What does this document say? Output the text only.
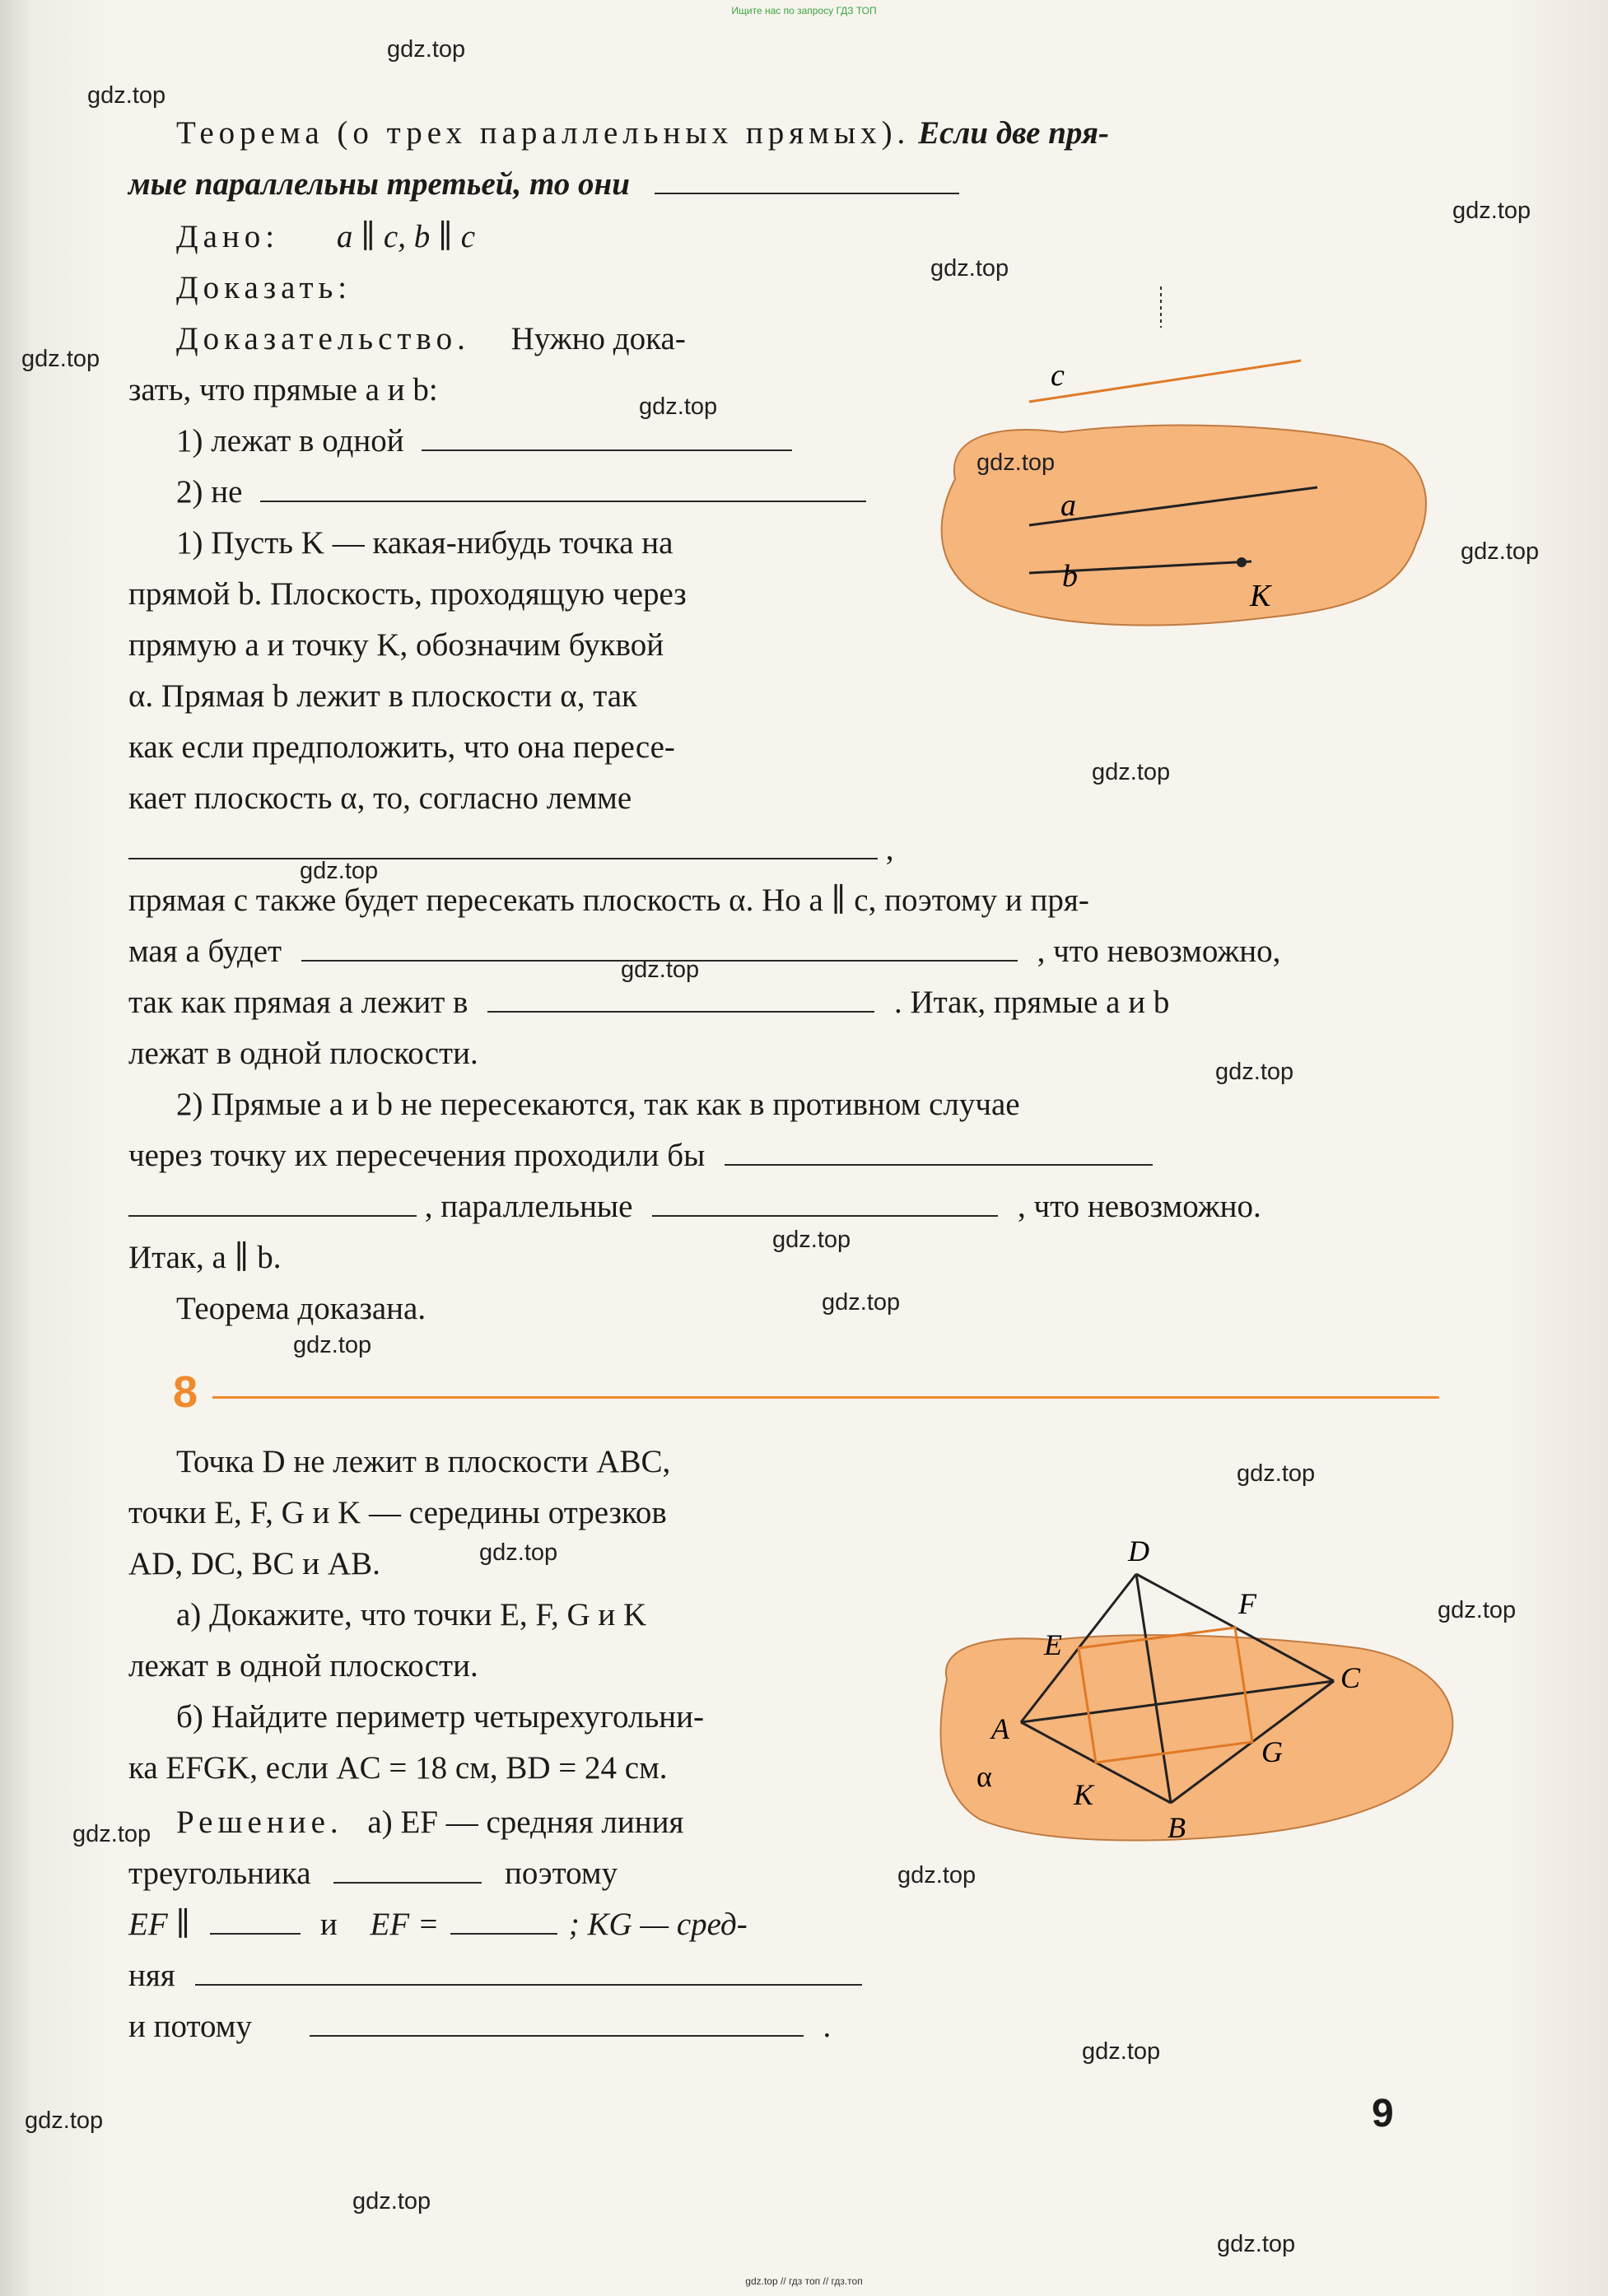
Ищите нас по запросу ГДЗ ТОП
Теорема (о трех параллельных прямых). Если две пря-
мые параллельны третьей, то они
Дано: a ∥ c, b ∥ c
Доказать:
Доказательство. Нужно дока-
зать, что прямые a и b:
1) лежат в одной
2) не
1) Пусть K — какая-нибудь точка на
прямой b. Плоскость, проходящую через
прямую a и точку K, обозначим буквой
α. Прямая b лежит в плоскости α, так
как если предположить, что она пересе-
кает плоскость α, то, согласно лемме
,
прямая c также будет пересекать плоскость α. Но a ∥ c, поэтому и пря-
мая a будет	, что невозможно,
так как прямая a лежит в	. Итак, прямые a и b
лежат в одной плоскости.
2) Прямые a и b не пересекаются, так как в противном случае
через точку их пересечения проходили бы
, параллельные	, что невозможно.
Итак, a ∥ b.
Теорема доказана.
c
a
b
K
8
Точка D не лежит в плоскости ABC,
точки E, F, G и K — середины отрезков
AD, DC, BC и AB.
а) Докажите, что точки E, F, G и K
лежат в одной плоскости.
б) Найдите периметр четырехугольни-
ка EFGK, если AC = 18 см, BD = 24 см.
Решение. а) EF — средняя линия
треугольника	поэтому
EF ∥	и EF =	; KG — сред-
няя
и потому	.
D
E
F
A
C
G
K
B
α
9
gdz.top
gdz.top
gdz.top
gdz.top
gdz.top
gdz.top
gdz.top
gdz.top
gdz.top
gdz.top
gdz.top
gdz.top
gdz.top
gdz.top
gdz.top
gdz.top
gdz.top
gdz.top
gdz.top
gdz.top
gdz.top
gdz.top
gdz.top
gdz.top
gdz.top // гдз топ // гдз.топ
